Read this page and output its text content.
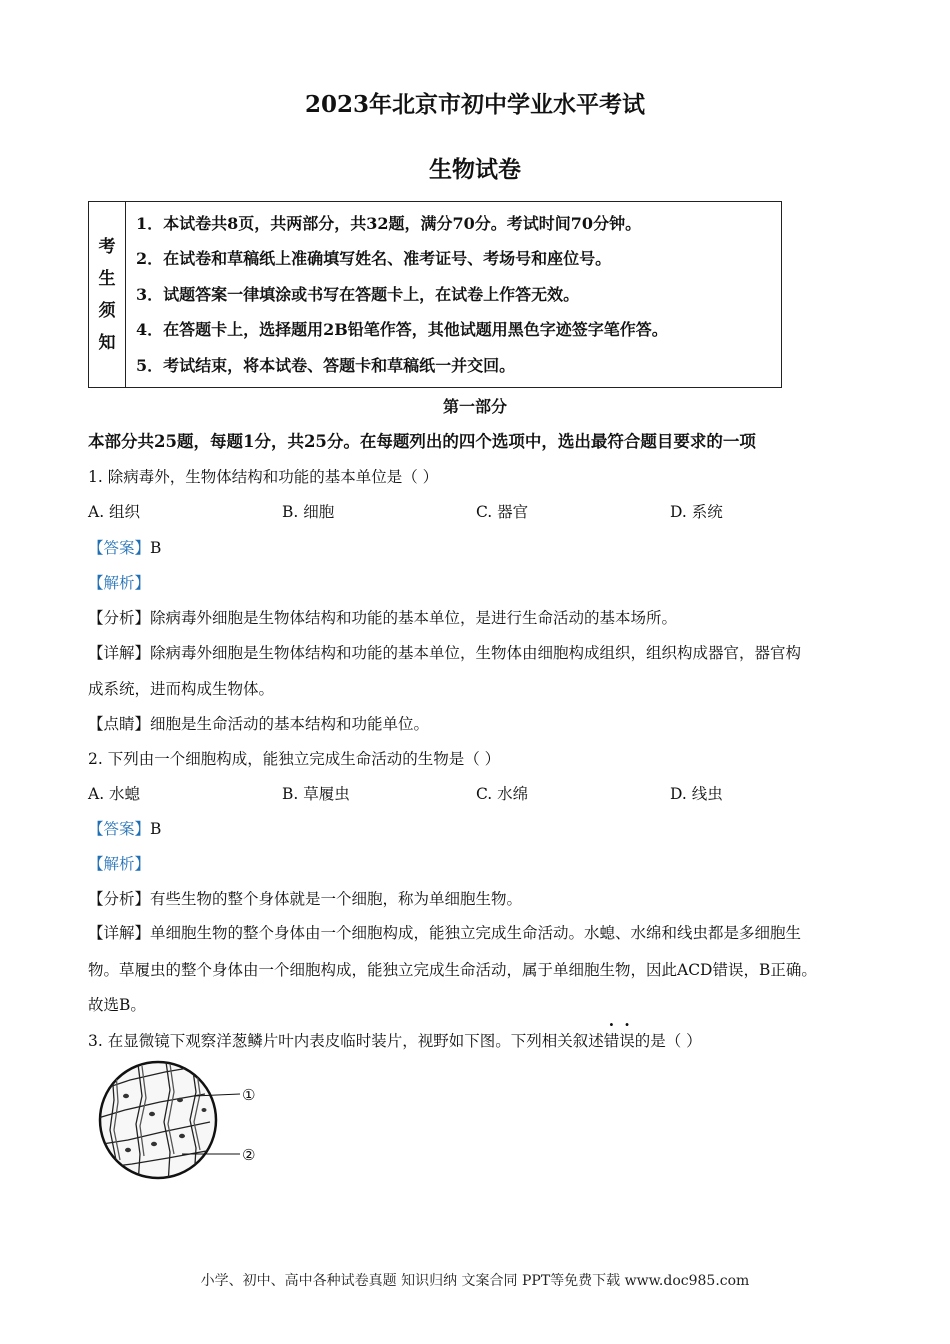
2023年北京市初中学业水平考试
生物试卷
考
生
须
知

1．本试卷共8页，共两部分，共32题，满分70分。考试时间70分钟。
2．在试卷和草稿纸上准确填写姓名、准考证号、考场号和座位号。
3．试题答案一律填涂或书写在答题卡上，在试卷上作答无效。
4．在答题卡上，选择题用2B铅笔作答，其他试题用黑色字迹签字笔作答。
5．考试结束，将本试卷、答题卡和草稿纸一并交回。
第一部分
本部分共25题，每题1分，共25分。在每题列出的四个选项中，选出最符合题目要求的一项
1. 除病毒外，生物体结构和功能的基本单位是（ ）
A. 组织	B. 细胞	C. 器官	D. 系统
【答案】B
【解析】
【分析】除病毒外细胞是生物体结构和功能的基本单位，是进行生命活动的基本场所。
【详解】除病毒外细胞是生物体结构和功能的基本单位，生物体由细胞构成组织，组织构成器官，器官构
成系统，进而构成生物体。
【点睛】细胞是生命活动的基本结构和功能单位。
2. 下列由一个细胞构成，能独立完成生命活动的生物是（ ）
A. 水螅	B. 草履虫	C. 水绵	D. 线虫
【答案】B
【解析】
【分析】有些生物的整个身体就是一个细胞，称为单细胞生物。
【详解】单细胞生物的整个身体由一个细胞构成，能独立完成生命活动。水螅、水绵和线虫都是多细胞生
物。草履虫的整个身体由一个细胞构成，能独立完成生命活动，属于单细胞生物，因此ACD错误，B正确。
故选B。
3. 在显微镜下观察洋葱鳞片叶内表皮临时装片，视野如下图。下列相关叙述错误的是（ ）
①
②
小学、初中、高中各种试卷真题 知识归纳 文案合同 PPT等免费下载 www.doc985.com
